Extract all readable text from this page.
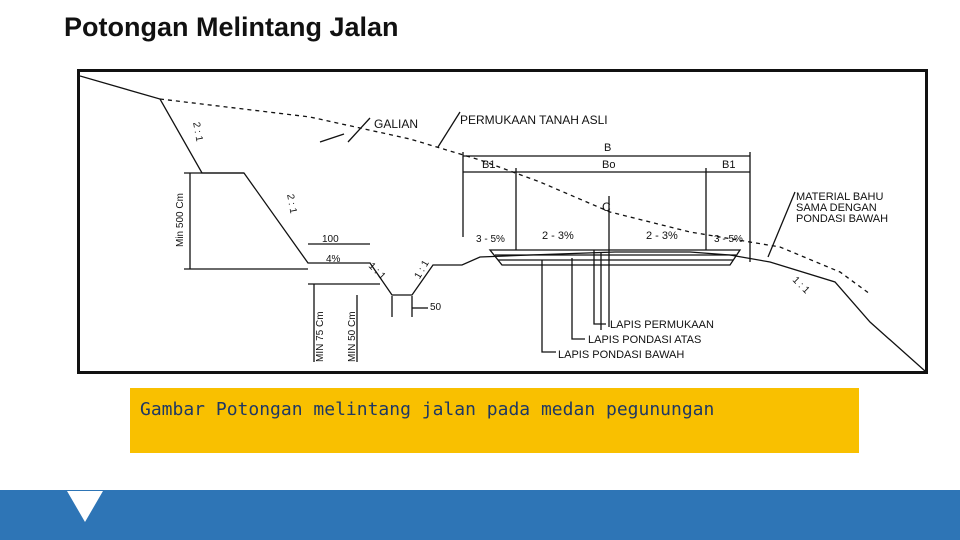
Potongan Melintang Jalan
GALIAN	PERMUKAAN TANAH ASLI
B
B1	Bo	B1
C
MATERIAL BAHU
SAMA DENGAN
PONDASI BAWAH
2 : 1
2 : 1
Min 500 Cm	100
4%
1 : 1	1 : 1
50
MIN 75 Cm MIN 50 Cm
3 - 5%	2 - 3%	2 - 3%	3 - 5%
1 : 1
LAPIS PERMUKAAN
LAPIS PONDASI ATAS
LAPIS PONDASI BAWAH
Gambar Potongan melintang jalan pada medan pegunungan
